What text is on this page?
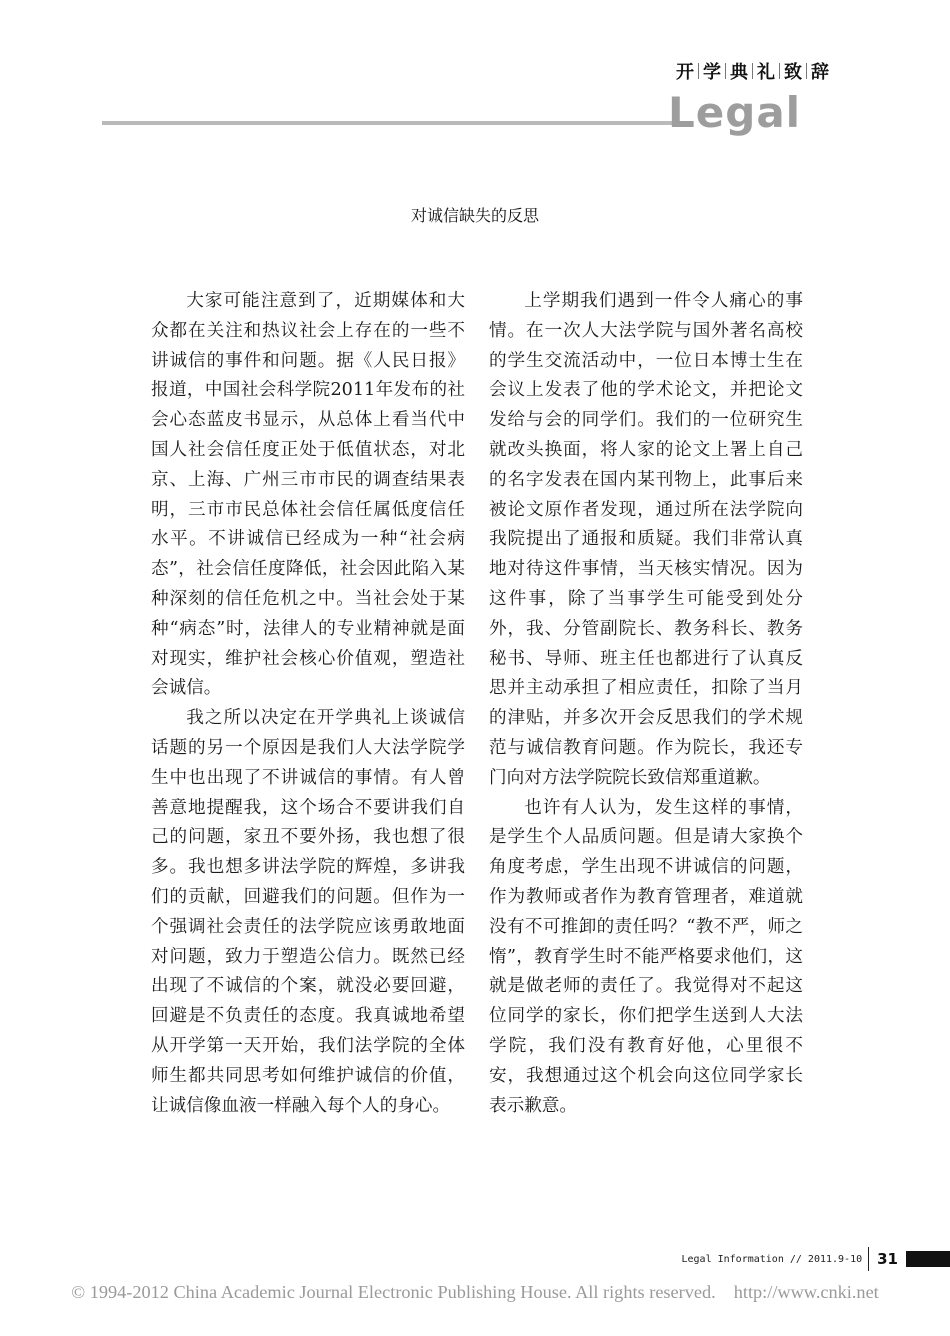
开 学 典 礼 致 辞
Legal
对诚信缺失的反思

大家可能注意到了，近期媒体和大众都在关注和热议社会上存在的一些不讲诚信的事件和问题。据《人民日报》报道，中国社会科学院2011年发布的社会心态蓝皮书显示，从总体上看当代中国人社会信任度正处于低值状态，对北京、上海、广州三市市民的调查结果表明，三市市民总体社会信任属低度信任水平。不讲诚信已经成为一种“社会病态”，社会信任度降低，社会因此陷入某种深刻的信任危机之中。当社会处于某种“病态”时，法律人的专业精神就是面对现实，维护社会核心价值观，塑造社会诚信。

我之所以决定在开学典礼上谈诚信话题的另一个原因是我们人大法学院学生中也出现了不讲诚信的事情。有人曾善意地提醒我，这个场合不要讲我们自己的问题，家丑不要外扬，我也想了很多。我也想多讲法学院的辉煌，多讲我们的贡献，回避我们的问题。但作为一个强调社会责任的法学院应该勇敢地面对问题，致力于塑造公信力。既然已经出现了不诚信的个案，就没必要回避，回避是不负责任的态度。我真诚地希望从开学第一天开始，我们法学院的全体师生都共同思考如何维护诚信的价值，让诚信像血液一样融入每个人的身心。

上学期我们遇到一件令人痛心的事情。在一次人大法学院与国外著名高校的学生交流活动中，一位日本博士生在会议上发表了他的学术论文，并把论文发给与会的同学们。我们的一位研究生就改头换面，将人家的论文上署上自己的名字发表在国内某刊物上，此事后来被论文原作者发现，通过所在法学院向我院提出了通报和质疑。我们非常认真地对待这件事情，当天核实情况。因为这件事，除了当事学生可能受到处分外，我、分管副院长、教务科长、教务秘书、导师、班主任也都进行了认真反思并主动承担了相应责任，扣除了当月的津贴，并多次开会反思我们的学术规范与诚信教育问题。作为院长，我还专门向对方法学院院长致信郑重道歉。

也许有人认为，发生这样的事情，是学生个人品质问题。但是请大家换个角度考虑，学生出现不讲诚信的问题，作为教师或者作为教育管理者，难道就没有不可推卸的责任吗？“教不严，师之惰”，教育学生时不能严格要求他们，这就是做老师的责任了。我觉得对不起这位同学的家长，你们把学生送到人大法学院，我们没有教育好他，心里很不安，我想通过这个机会向这位同学家长表示歉意。

Legal Information // 2011.9-10 31
© 1994-2012 China Academic Journal Electronic Publishing House. All rights reserved. http://www.cnki.net
